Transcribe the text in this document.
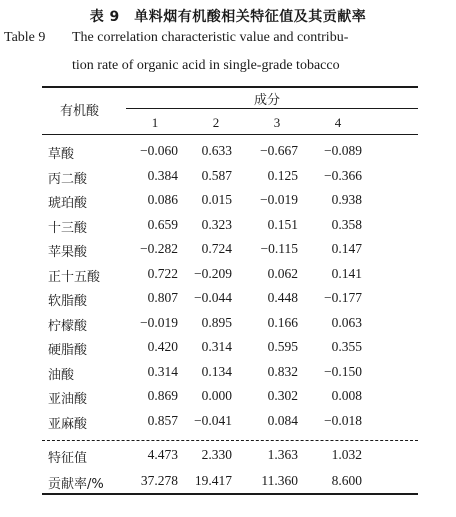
表 9　单料烟有机酸相关特征值及其贡献率
Table 9 The correlation characteristic value and contribu-
tion rate of organic acid in single-grade tobacco
有机酸
成分
1	2	3	4
草酸	−0.060	0.633	−0.667	−0.089
丙二酸	0.384	0.587	0.125	−0.366
琥珀酸	0.086	0.015	−0.019	0.938
十三酸	0.659	0.323	0.151	0.358
苹果酸	−0.282	0.724	−0.115	0.147
正十五酸	0.722	−0.209	0.062	0.141
软脂酸	0.807	−0.044	0.448	−0.177
柠檬酸	−0.019	0.895	0.166	0.063
硬脂酸	0.420	0.314	0.595	0.355
油酸	0.314	0.134	0.832	−0.150
亚油酸	0.869	0.000	0.302	0.008
亚麻酸	0.857	−0.041	0.084	−0.018
特征值	4.473	2.330	1.363	1.032
贡献率/%	37.278	19.417	11.360	8.600
